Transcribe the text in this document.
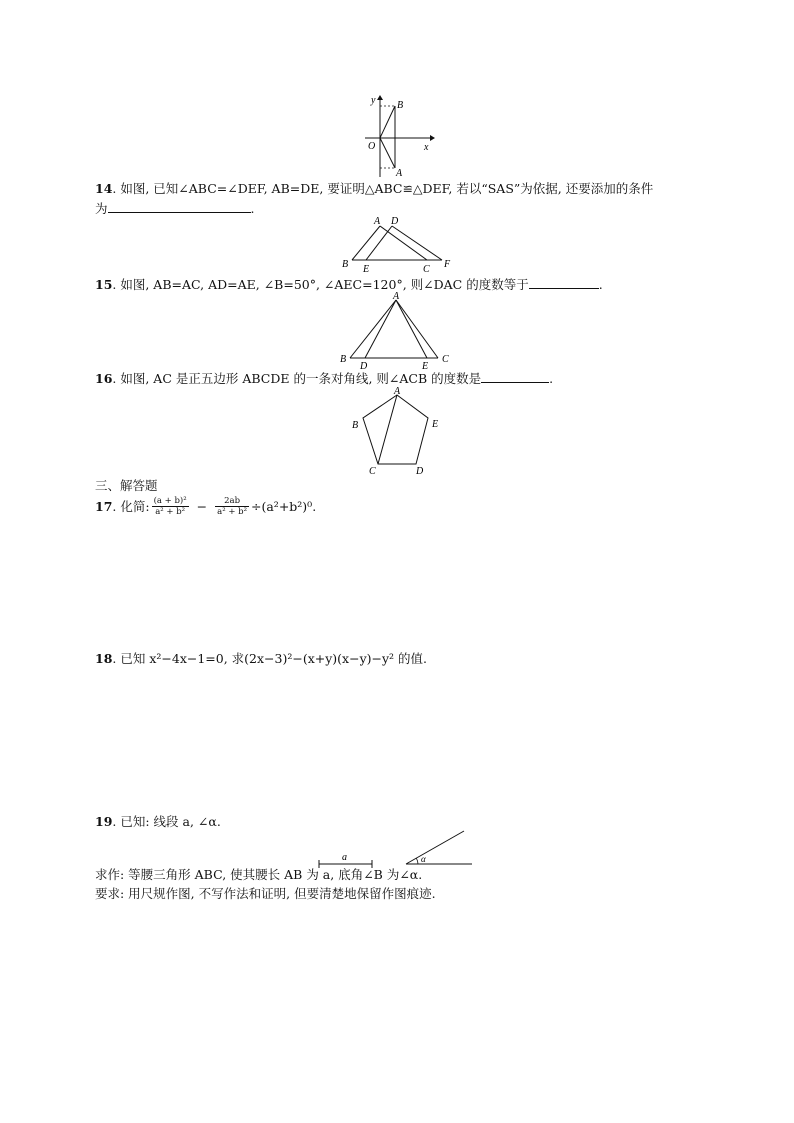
y
x
O
B
A
14. 如图, 已知∠ABC=∠DEF, AB=DE, 要证明△ABC≌△DEF, 若以“SAS”为依据, 还要添加的条件
为	.
A D
B E	C F
15. 如图, AB=AC, AD=AE, ∠B=50°, ∠AEC=120°, 则∠DAC 的度数等于	.
A
B
D	E
C
16. 如图, AC 是正五边形 ABCDE 的一条对角线, 则∠ACB 的度数是	.
A
B
C	D
E
三、解答题
17 . 化简: $\frac{\text{(a + b)²}}{\text{a² + b²}} - \frac{2ab}{\text{a² + b²}} \div(a^2+b^2)^0$.
18. 已知 x²−4x−1=0, 求(2x−3)²−(x+y)(x−y)−y² 的值.
19. 已知: 线段 a, ∠α.
a	α
求作: 等腰三角形 ABC, 使其腰长 AB 为 a, 底角∠B 为∠α.
要求: 用尺规作图, 不写作法和证明, 但要清楚地保留作图痕迹.
